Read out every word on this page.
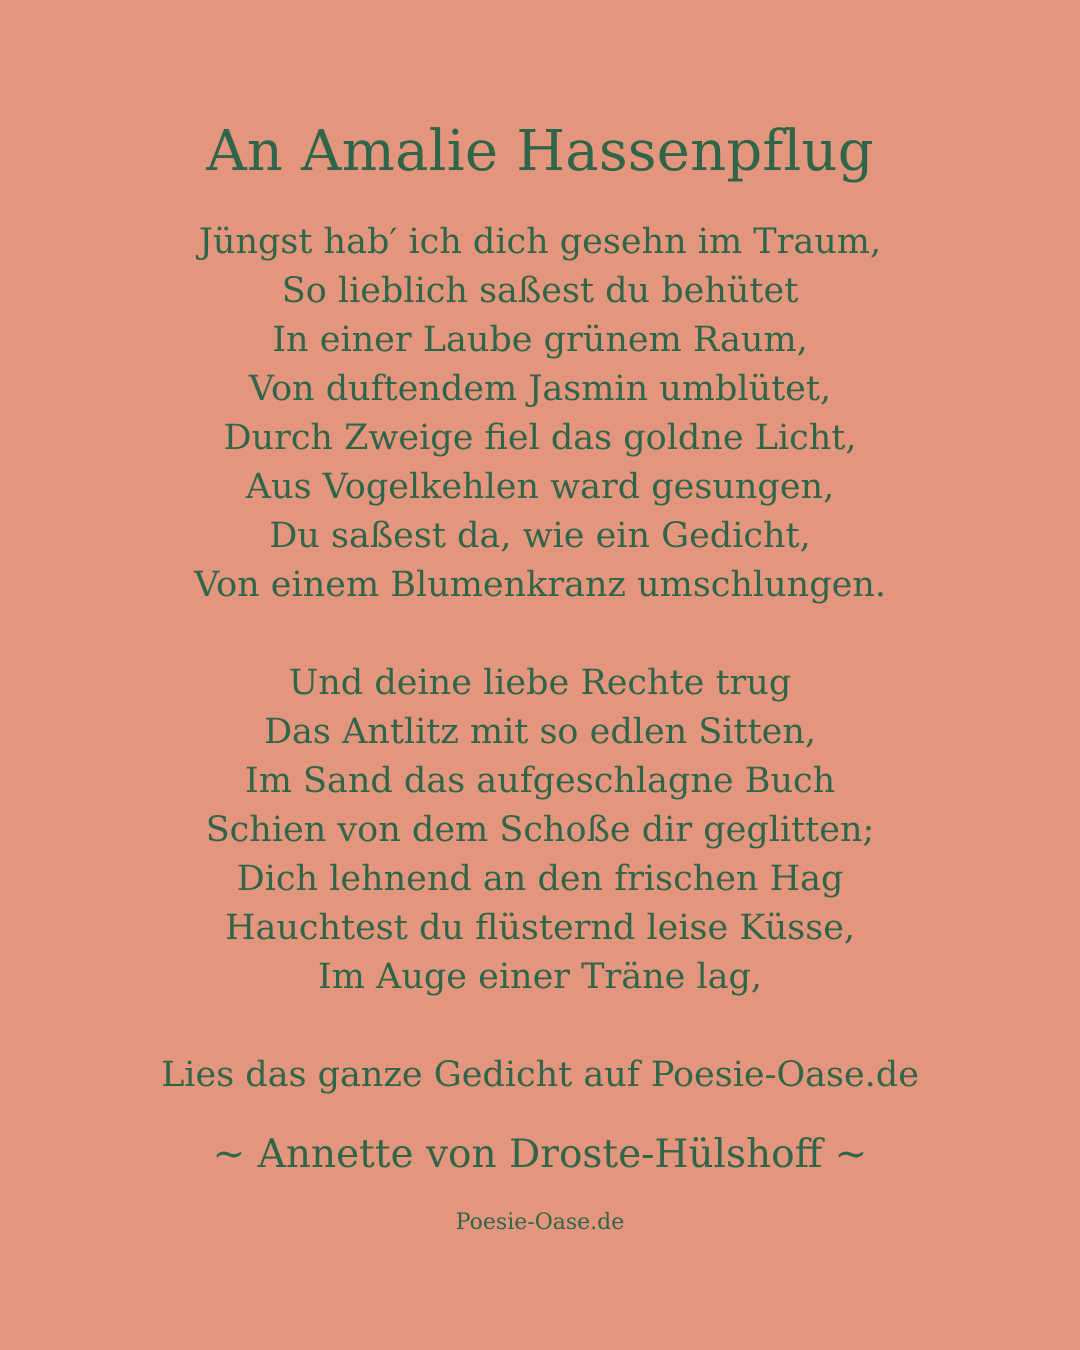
An Amalie Hassenpflug
Jüngst hab′ ich dich gesehn im Traum,
So lieblich saßest du behütet
In einer Laube grünem Raum,
Von duftendem Jasmin umblütet,
Durch Zweige fiel das goldne Licht,
Aus Vogelkehlen ward gesungen,
Du saßest da, wie ein Gedicht,
Von einem Blumenkranz umschlungen.
Und deine liebe Rechte trug
Das Antlitz mit so edlen Sitten,
Im Sand das aufgeschlagne Buch
Schien von dem Schoße dir geglitten;
Dich lehnend an den frischen Hag
Hauchtest du flüsternd leise Küsse,
Im Auge einer Träne lag,
Lies das ganze Gedicht auf Poesie-Oase.de
~ Annette von Droste-Hülshoff ~
Poesie-Oase.de
